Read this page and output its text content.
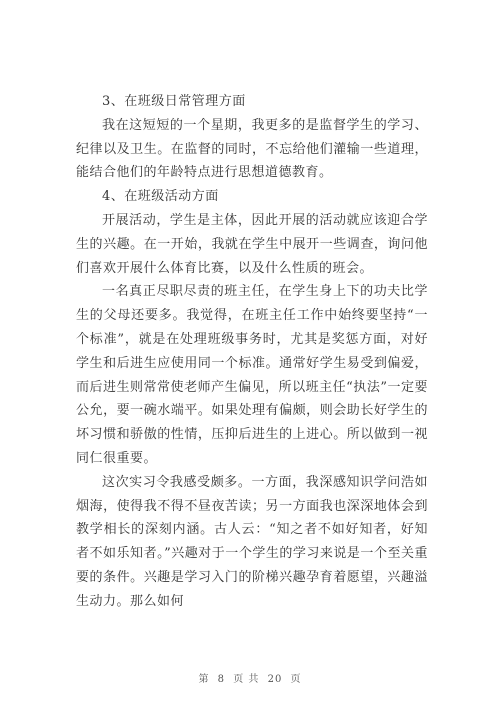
3、在班级日常管理方面

我在这短短的一个星期，我更多的是监督学生的学习、纪律以及卫生。在监督的同时，不忘给他们灌输一些道理，能结合他们的年龄特点进行思想道德教育。

4、在班级活动方面

开展活动，学生是主体，因此开展的活动就应该迎合学生的兴趣。在一开始，我就在学生中展开一些调查，询问他们喜欢开展什么体育比赛，以及什么性质的班会。

一名真正尽职尽责的班主任，在学生身上下的功夫比学生的父母还要多。我觉得，在班主任工作中始终要坚持“一个标准”，就是在处理班级事务时，尤其是奖惩方面，对好学生和后进生应使用同一个标准。通常好学生易受到偏爱，而后进生则常常使老师产生偏见，所以班主任“执法”一定要公允，要一碗水端平。如果处理有偏颇，则会助长好学生的坏习惯和骄傲的性情，压抑后进生的上进心。所以做到一视同仁很重要。

这次实习令我感受颇多。一方面，我深感知识学问浩如烟海，使得我不得不昼夜苦读；另一方面我也深深地体会到教学相长的深刻内涵。古人云：“知之者不如好知者，好知者不如乐知者。”兴趣对于一个学生的学习来说是一个至关重要的条件。兴趣是学习入门的阶梯兴趣孕育着愿望，兴趣溢生动力。那么如何

第 8 页 共 20 页
